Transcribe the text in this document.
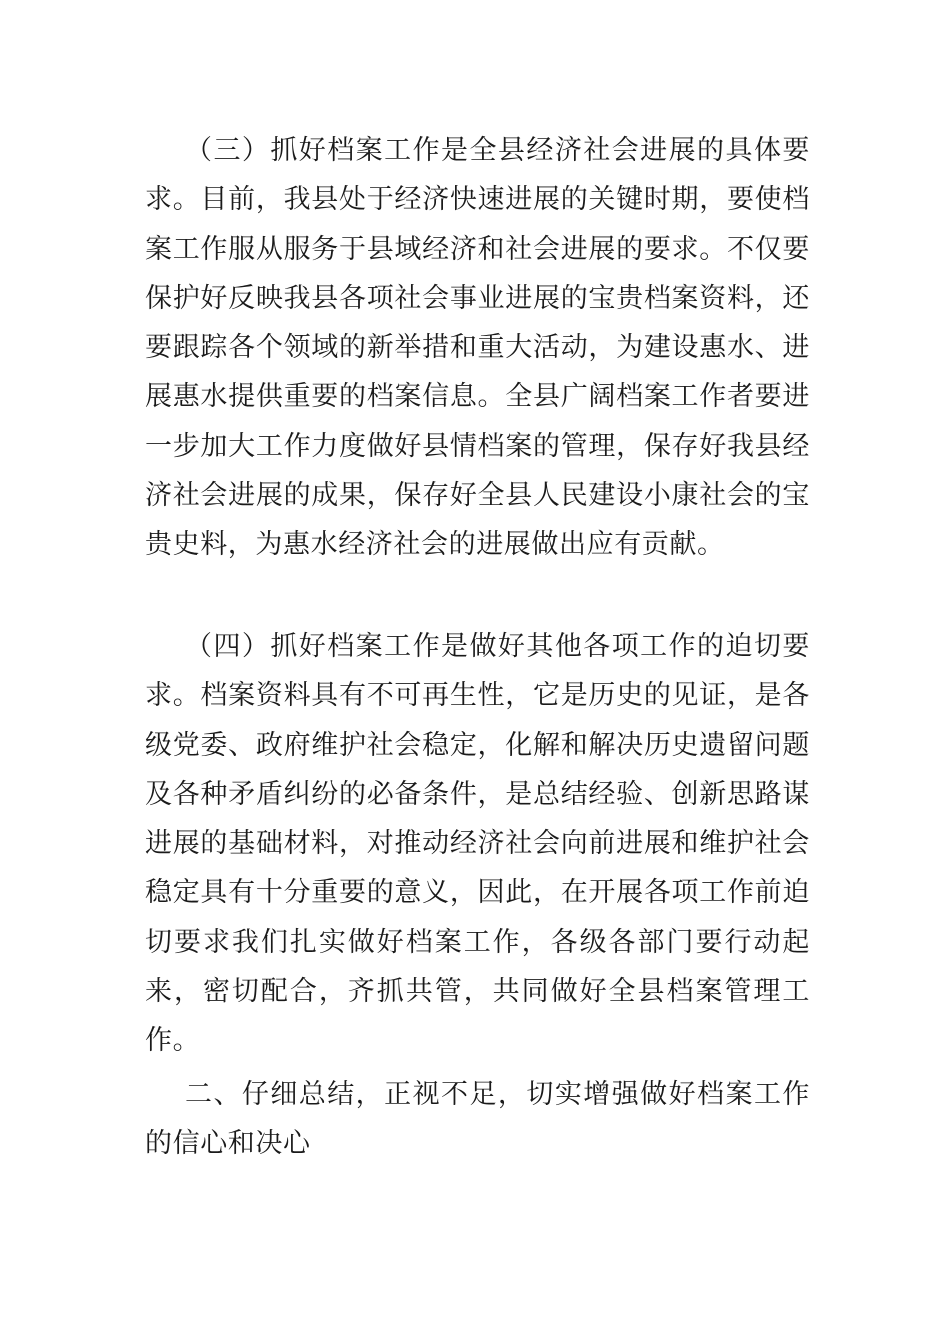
（三）抓好档案工作是全县经济社会进展的具体要求。目前，我县处于经济快速进展的关键时期，要使档案工作服从服务于县域经济和社会进展的要求。不仅要保护好反映我县各项社会事业进展的宝贵档案资料，还要跟踪各个领域的新举措和重大活动，为建设惠水、进展惠水提供重要的档案信息。全县广阔档案工作者要进一步加大工作力度做好县情档案的管理，保存好我县经济社会进展的成果，保存好全县人民建设小康社会的宝贵史料，为惠水经济社会的进展做出应有贡献。

（四）抓好档案工作是做好其他各项工作的迫切要求。档案资料具有不可再生性，它是历史的见证，是各级党委、政府维护社会稳定，化解和解决历史遗留问题及各种矛盾纠纷的必备条件，是总结经验、创新思路谋进展的基础材料，对推动经济社会向前进展和维护社会稳定具有十分重要的意义，因此，在开展各项工作前迫切要求我们扎实做好档案工作，各级各部门要行动起来，密切配合，齐抓共管，共同做好全县档案管理工作。

二、仔细总结，正视不足，切实增强做好档案工作的信心和决心
